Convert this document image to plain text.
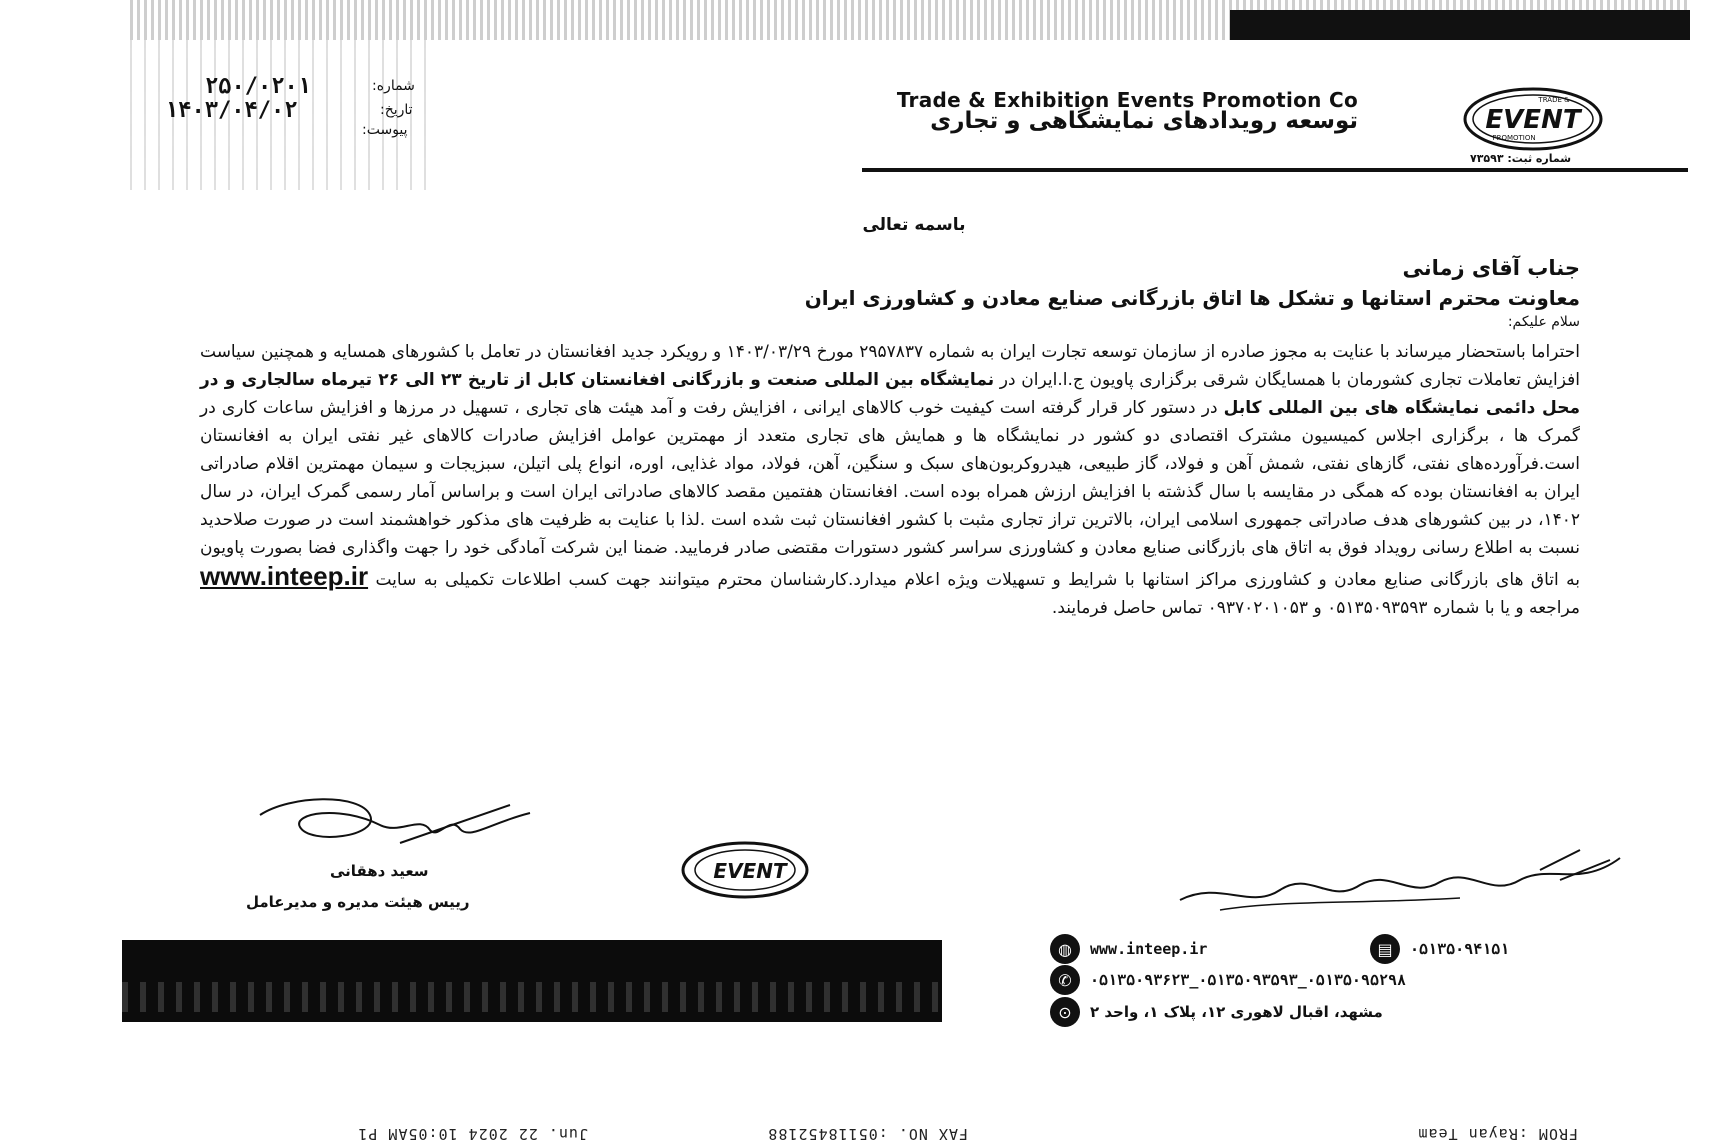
شماره:
۲۵۰/۰۲۰۱
تاریخ:
۱۴۰۳/۰۴/۰۲
پیوست:
Trade & Exhibition Events Promotion Co
توسعه رویدادهای نمایشگاهی و تجاری	EVENT
TRADE &
PROMOTION
شماره ثبت: ۷۳۵۹۳
باسمه تعالی
جناب آقای زمانی
معاونت محترم استانها و تشکل ها اتاق بازرگانی صنایع معادن و کشاورزی ایران
سلام علیکم:

احتراما باستحضار میرساند با عنایت به مجوز صادره از سازمان توسعه تجارت ایران به شماره ۲۹۵۷۸۳۷ مورخ ۱۴۰۳/۰۳/۲۹ و رویکرد جدید افغانستان در تعامل با کشورهای همسایه و همچنین سیاست افزایش تعاملات تجاری کشورمان با همسایگان شرقی برگزاری پاویون ج.ا.ایران در نمایشگاه بین المللی صنعت و بازرگانی افغانستان کابل از تاریخ ۲۳ الی ۲۶ تیرماه سالجاری و در محل دائمی نمایشگاه های بین المللی کابل در دستور کار قرار گرفته است کیفیت خوب کالاهای ایرانی ، افزایش رفت و آمد هیئت های تجاری ، تسهیل در مرزها و افزایش ساعات کاری در گمرک ها ، برگزاری اجلاس کمیسیون مشترک اقتصادی دو کشور در نمایشگاه ها و همایش های تجاری متعدد از مهمترین عوامل افزایش صادرات کالاهای غیر نفتی ایران به افغانستان است.فرآورده‌های نفتی، گازهای نفتی، شمش آهن و فولاد، گاز طبیعی، هیدروکربون‌های سبک و سنگین، آهن، فولاد، مواد غذایی، اوره، انواع پلی اتیلن، سبزیجات و سیمان مهمترین اقلام صادراتی ایران به افغانستان بوده که همگی در مقایسه با سال گذشته با افزایش ارزش همراه بوده است. افغانستان هفتمین مقصد کالاهای صادراتی ایران است و براساس آمار رسمی گمرک ایران، در سال ۱۴۰۲، در بین کشورهای هدف صادراتی جمهوری اسلامی ایران، بالاترین تراز تجاری مثبت با کشور افغانستان ثبت شده است .لذا با عنایت به ظرفیت های مذکور خواهشمند است در صورت صلاحدید نسبت به اطلاع رسانی رویداد فوق به اتاق های بازرگانی صنایع معادن و کشاورزی سراسر کشور دستورات مقتضی صادر فرمایید. ضمنا این شرکت آمادگی خود را جهت واگذاری فضا بصورت پاویون به اتاق های بازرگانی صنایع معادن و کشاورزی مراکز استانها با شرایط و تسهیلات ویژه اعلام میدارد.کارشناسان محترم میتوانند جهت کسب اطلاعات تکمیلی به سایت www.inteep.ir مراجعه و یا با شماره ۰۵۱۳۵۰۹۳۵۹۳ و ۰۹۳۷۰۲۰۱۰۵۳ تماس حاصل فرمایند.

سعید دهقانی
رییس هیئت مدیره و مدیرعامل
EVENT
◍	www.inteep.ir	▤	۰۵۱۳۵۰۹۴۱۵۱
✆	۰۵۱۳۵۰۹۳۶۲۳_۰۵۱۳۵۰۹۳۵۹۳_۰۵۱۳۵۰۹۵۲۹۸
⊙	مشهد، اقبال لاهوری ۱۲، پلاک ۱، واحد ۲
FROM :Rayan Team
FAX NO. :05118452188
Jun. 22 2024 10:05AM P1
